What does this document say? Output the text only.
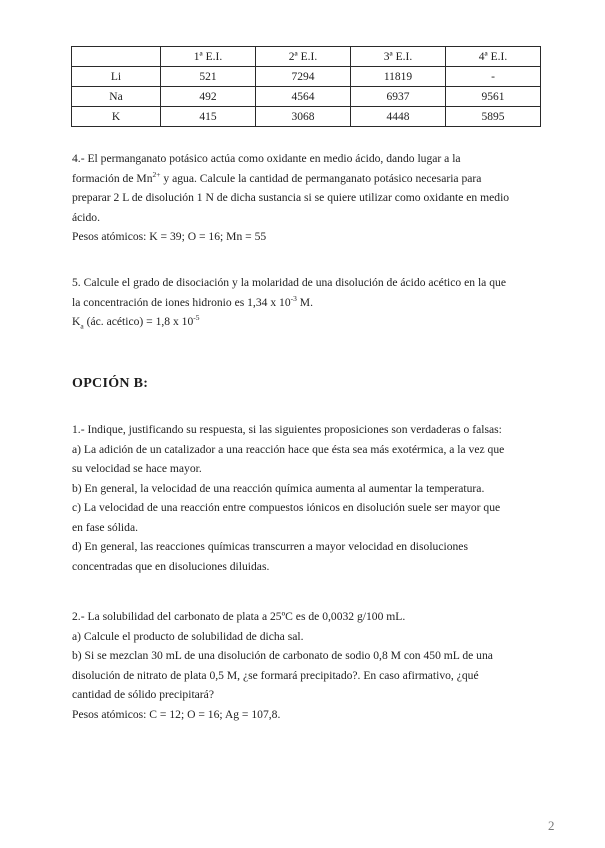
	1ª E.I.	2ª E.I.	3ª E.I.	4ª E.I.
Li	521	7294	11819	-
Na	492	4564	6937	9561
K	415	3068	4448	5895

4.- El permanganato potásico actúa como oxidante en medio ácido, dando lugar a la

formación de $Mn^{2+}$ y agua. Calcule la cantidad de permanganato potásico necesaria para

preparar 2 L de disolución 1 N de dicha sustancia si se quiere utilizar como oxidante en medio

ácido.

Pesos atómicos: K = 39; O = 16; Mn = 55

5. Calcule el grado de disociación y la molaridad de una disolución de ácido acético en la que

la concentración de iones hidronio es 1,34 x $10^{-3}$ M.

$K_a$ (ác. acético) = 1,8 x $10^{-5}$

OPCIÓN B:

1.- Indique, justificando su respuesta, si las siguientes proposiciones son verdaderas o falsas:

a) La adición de un catalizador a una reacción hace que ésta sea más exotérmica, a la vez que

su velocidad se hace mayor.

b) En general, la velocidad de una reacción química aumenta al aumentar la temperatura.

c) La velocidad de una reacción entre compuestos iónicos en disolución suele ser mayor que

en fase sólida.

d) En general, las reacciones químicas transcurren a mayor velocidad en disoluciones

concentradas que en disoluciones diluidas.

2.- La solubilidad del carbonato de plata a 25ºC es de 0,0032 g/100 mL.

a) Calcule el producto de solubilidad de dicha sal.

b) Si se mezclan 30 mL de una disolución de carbonato de sodio 0,8 M con 450 mL de una

disolución de nitrato de plata 0,5 M, ¿se formará precipitado?. En caso afirmativo, ¿qué

cantidad de sólido precipitará?

Pesos atómicos: C = 12; O = 16; Ag = 107,8.

2
